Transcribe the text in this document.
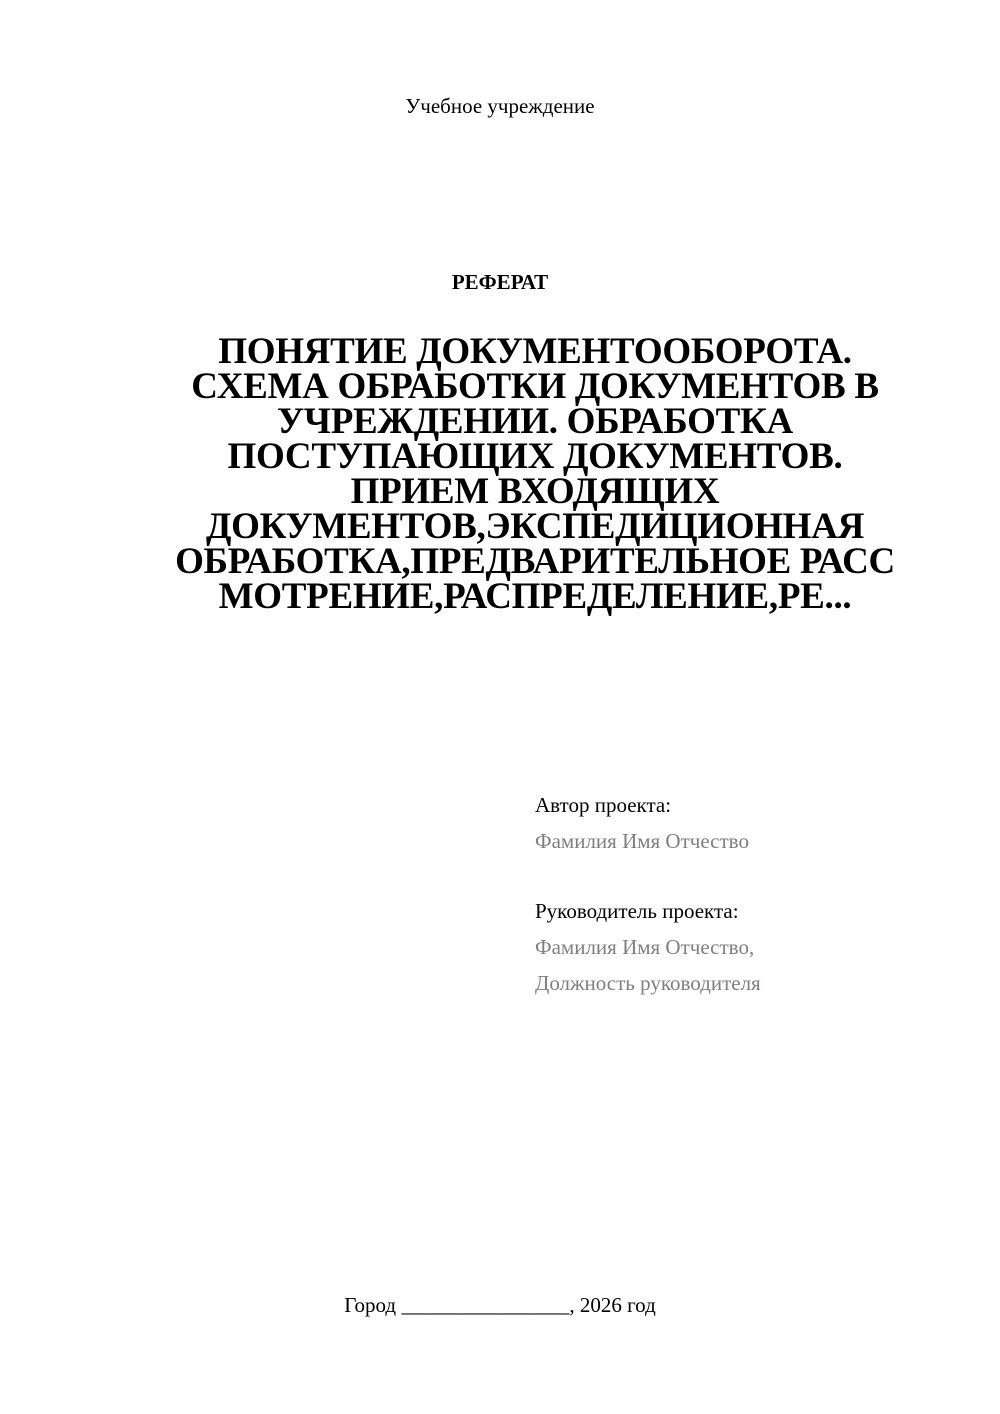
Учебное учреждение
РЕФЕРАТ
ПОНЯТИЕ ДОКУМЕНТООБОРОТА.
СХЕМА ОБРАБОТКИ ДОКУМЕНТОВ В
УЧРЕЖДЕНИИ. ОБРАБОТКА
ПОСТУПАЮЩИХ ДОКУМЕНТОВ.
ПРИЕМ ВХОДЯЩИХ
ДОКУМЕНТОВ,ЭКСПЕДИЦИОННАЯ
ОБРАБОТКА,ПРЕДВАРИТЕЛЬНОЕ РАСС
МОТРЕНИЕ,РАСПРЕДЕЛЕНИЕ,РЕ...
Автор проекта:
Фамилия Имя Отчество
Руководитель проекта:
Фамилия Имя Отчество,
Должность руководителя
Город ________________, 2026 год
